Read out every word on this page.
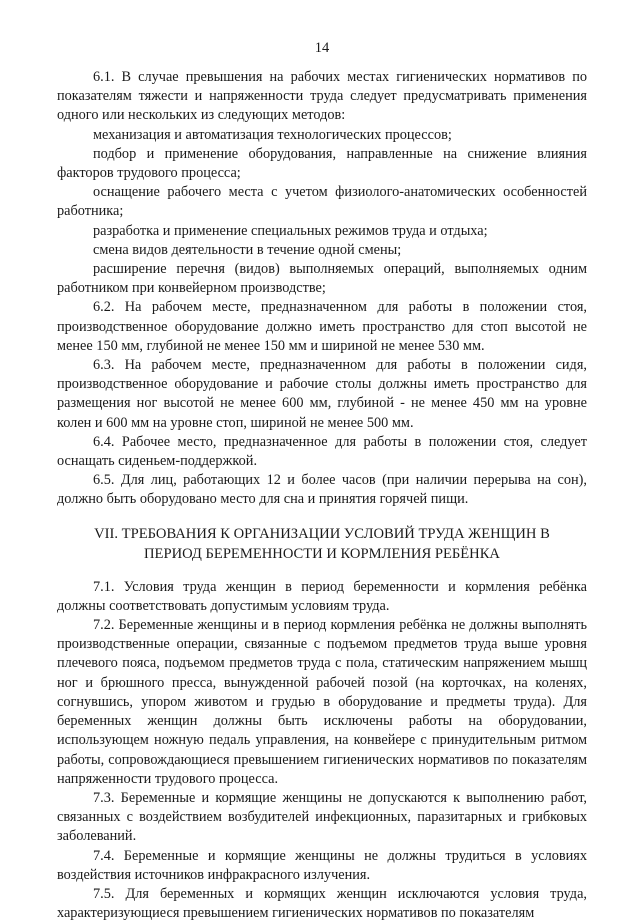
14

6.1. В случае превышения на рабочих местах гигиенических нормативов по показателям тяжести и напряженности труда следует предусматривать применения одного или нескольких из следующих методов:

механизация и автоматизация технологических процессов;

подбор и применение оборудования, направленные на снижение влияния факторов трудового процесса;

оснащение рабочего места с учетом физиолого-анатомических особенностей работника;

разработка и применение специальных режимов труда и отдыха;

смена видов деятельности в течение одной смены;

расширение перечня (видов) выполняемых операций, выполняемых одним работником при конвейерном производстве;

6.2. На рабочем месте, предназначенном для работы в положении стоя, производственное оборудование должно иметь пространство для стоп высотой не менее 150 мм, глубиной не менее 150 мм и шириной не менее 530 мм.

6.3. На рабочем месте, предназначенном для работы в положении сидя, производственное оборудование и рабочие столы должны иметь пространство для размещения ног высотой не менее 600 мм, глубиной - не менее 450 мм на уровне колен и 600 мм на уровне стоп, шириной не менее 500 мм.

6.4. Рабочее место, предназначенное для работы в положении стоя, следует оснащать сиденьем-поддержкой.

6.5. Для лиц, работающих 12 и более часов (при наличии перерыва на сон), должно быть оборудовано место для сна и принятия горячей пищи.

VII. ТРЕБОВАНИЯ К ОРГАНИЗАЦИИ УСЛОВИЙ ТРУДА ЖЕНЩИН В
ПЕРИОД БЕРЕМЕННОСТИ И КОРМЛЕНИЯ РЕБЁНКА

7.1. Условия труда женщин в период беременности и кормления ребёнка должны соответствовать допустимым условиям труда.

7.2. Беременные женщины и в период кормления ребёнка не должны выполнять производственные операции, связанные с подъемом предметов труда выше уровня плечевого пояса, подъемом предметов труда с пола, статическим напряжением мышц ног и брюшного пресса, вынужденной рабочей позой (на корточках, на коленях, согнувшись, упором животом и грудью в оборудование и предметы труда). Для беременных женщин должны быть исключены работы на оборудовании, использующем ножную педаль управления, на конвейере с принудительным ритмом работы, сопровождающиеся превышением гигиенических нормативов по показателям напряженности трудового процесса.

7.3. Беременные и кормящие женщины не допускаются к выполнению работ, связанных с воздействием возбудителей инфекционных, паразитарных и грибковых заболеваний.

7.4. Беременные и кормящие женщины не должны трудиться в условиях воздействия источников инфракрасного излучения.

7.5. Для беременных и кормящих женщин исключаются условия труда, характеризующиеся превышением гигиенических нормативов по показателям
